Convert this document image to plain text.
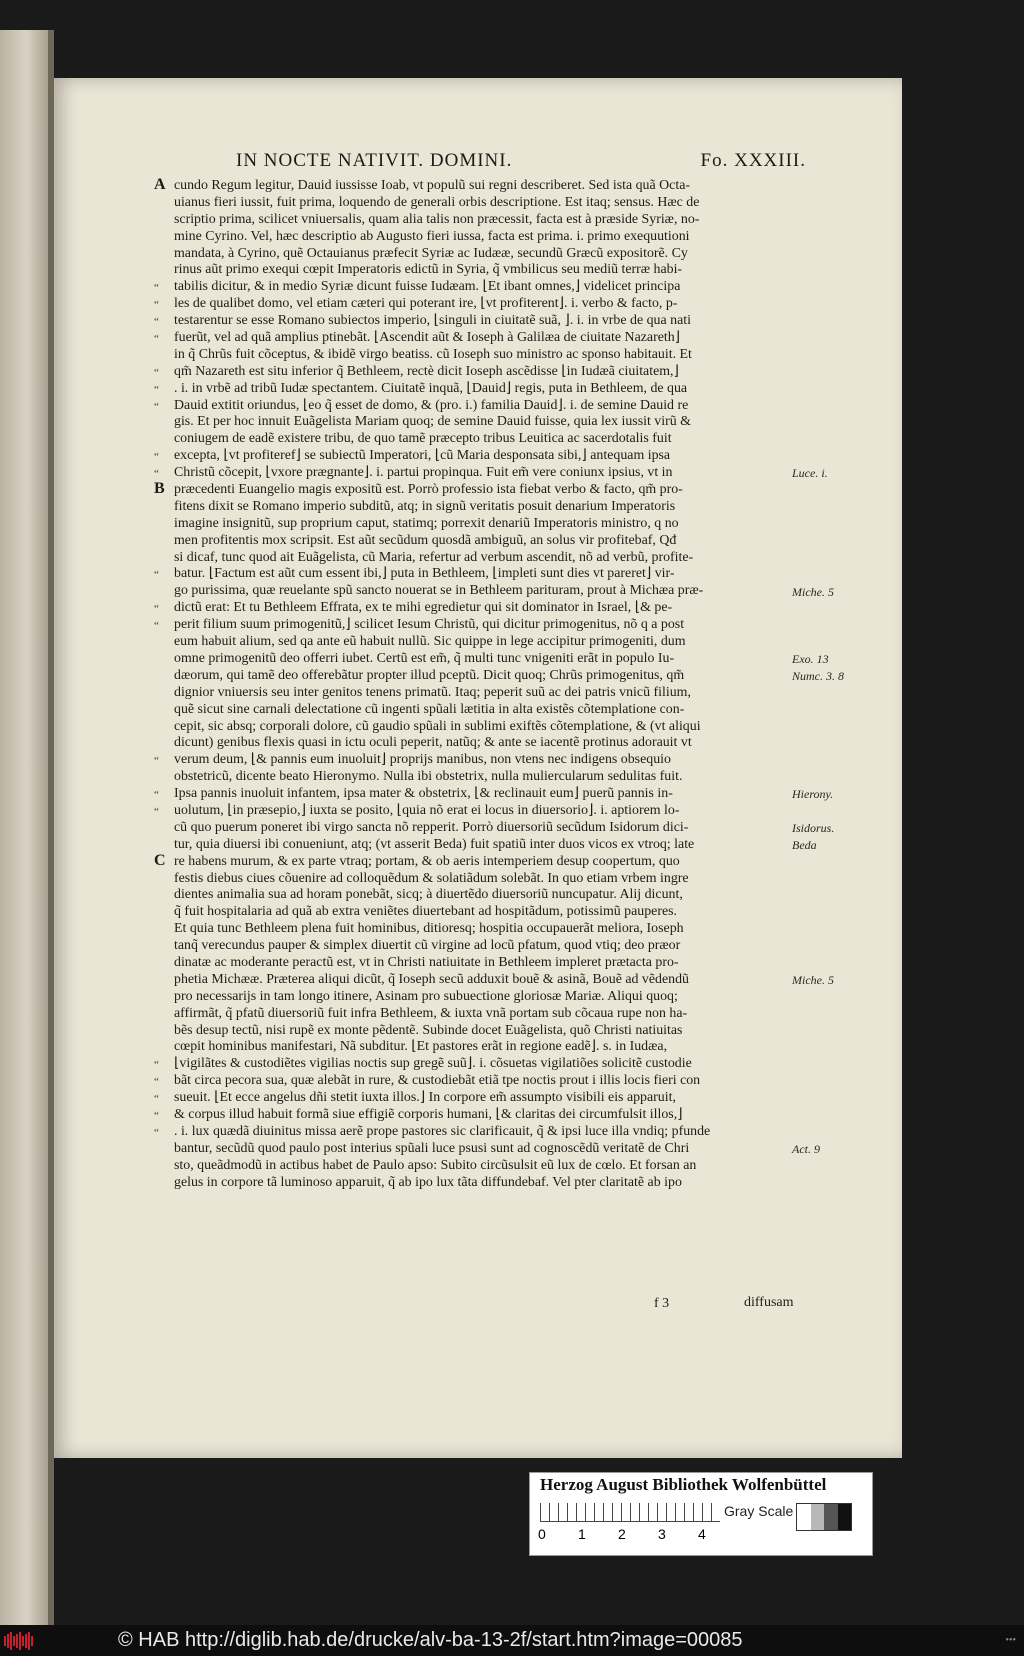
IN NOCTE NATIVIT. DOMINI.	Fo. XXXIII.
A cundo Regum legitur, Dauid iussisse Ioab, vt populũ sui regni describeret. Sed ista quã Octa-
uianus fieri iussit, fuit prima, loquendo de generali orbis descriptione. Est itaq; sensus. Hæc de
scriptio prima, scilicet vniuersalis, quam alia talis non præcessit, facta est à præside Syriæ, no-
mine Cyrino. Vel, hæc descriptio ab Augusto fieri iussa, facta est prima. i. primo exequutioni
mandata, à Cyrino, quẽ Octauianus præfecit Syriæ ac Iudææ, secundũ Græcũ expositorẽ. Cy
rinus aũt primo exequi cœpit Imperatoris edictũ in Syria, q̃ vmbilicus seu mediũ terræ habi-
“	tabilis dicitur, & in medio Syriæ dicunt fuisse Iudæam. ⌊Et ibant omnes,⌋ videlicet principa
“	les de qualibet domo, vel etiam cæteri qui poterant ire, ⌊vt profiterent⌋. i. verbo & facto, p-
“	testarentur se esse Romano subiectos imperio, ⌊singuli in ciuitatẽ suã, ⌋. i. in vrbe de qua nati
“	fuerũt, vel ad quã amplius ptinebãt. ⌊Ascendit aũt & Ioseph à Galilæa de ciuitate Nazareth⌋
in q̃ Chrũs fuit cõceptus, & ibidẽ virgo beatiss. cũ Ioseph suo ministro ac sponso habitauit. Et
“	qm̃ Nazareth est situ inferior q̃ Bethleem, rectè dicit Ioseph ascẽdisse ⌊in Iudæã ciuitatem,⌋
“	. i. in vrbẽ ad tribũ Iudæ spectantem. Ciuitatẽ inquã, ⌊Dauid⌋ regis, puta in Bethleem, de qua
“	Dauid extitit oriundus, ⌊eo q̃ esset de domo, & (pro. i.) familia Dauid⌋. i. de semine Dauid re
gis. Et per hoc innuit Euãgelista Mariam quoq; de semine Dauid fuisse, quia lex iussit virũ &
coniugem de eadẽ existere tribu, de quo tamẽ præcepto tribus Leuitica ac sacerdotalis fuit
“	excepta, ⌊vt profiteref⌋ se subiectũ Imperatori, ⌊cũ Maria desponsata sibi,⌋ antequam ipsa
“	Christũ cõcepit, ⌊vxore prægnante⌋. i. partui propinqua. Fuit em̃ vere coniunx ipsius, vt in
B præcedenti Euangelio magis expositũ est. Porrò professio ista fiebat verbo & facto, qm̃ pro-
fitens dixit se Romano imperio subditũ, atq; in signũ veritatis posuit denarium Imperatoris
imagine insignitũ, sup proprium caput, statimq; porrexit denariũ Imperatoris ministro, q no
men profitentis mox scripsit. Est aũt secũdum quosdã ambiguũ, an solus vir profitebaf, Qđ
si dicaf, tunc quod ait Euãgelista, cũ Maria, refertur ad verbum ascendit, nõ ad verbũ, profite-
“	batur. ⌊Factum est aũt cum essent ibi,⌋ puta in Bethleem, ⌊impleti sunt dies vt pareret⌋ vir-
go purissima, quæ reuelante spũ sancto nouerat se in Bethleem parituram, prout à Michæa præ-
“	dictũ erat: Et tu Bethleem Effrata, ex te mihi egredietur qui sit dominator in Israel, ⌊& pe-
“	perit filium suum primogenitũ,⌋ scilicet Iesum Christũ, qui dicitur primogenitus, nõ q a post
eum habuit alium, sed qa ante eũ habuit nullũ. Sic quippe in lege accipitur primogeniti, dum
omne primogenitũ deo offerri iubet. Certũ est em̃, q̃ multi tunc vnigeniti erãt in populo Iu-
dæorum, qui tamẽ deo offerebãtur propter illud pceptũ. Dicit quoq; Chrũs primogenitus, qm̃
dignior vniuersis seu inter genitos tenens primatũ. Itaq; peperit suũ ac dei patris vnicũ filium,
quẽ sicut sine carnali delectatione cũ ingenti spũali lætitia in alta existẽs cõtemplatione con-
cepit, sic absq; corporali dolore, cũ gaudio spũali in sublimi exiftẽs cõtemplatione, & (vt aliqui
dicunt) genibus flexis quasi in ictu oculi peperit, natũq; & ante se iacentẽ protinus adorauit vt
“	verum deum, ⌊& pannis eum inuoluit⌋ proprijs manibus, non vtens nec indigens obsequio
obstetricũ, dicente beato Hieronymo. Nulla ibi obstetrix, nulla muliercularum sedulitas fuit.
“	Ipsa pannis inuoluit infantem, ipsa mater & obstetrix, ⌊& reclinauit eum⌋ puerũ pannis in-
“	uolutum, ⌊in præsepio,⌋ iuxta se posito, ⌊quia nõ erat ei locus in diuersorio⌋. i. aptiorem lo-
cũ quo puerum poneret ibi virgo sancta nõ repperit. Porrò diuersoriũ secũdum Isidorum dici-
tur, quia diuersi ibi conueniunt, atq; (vt asserit Beda) fuit spatiũ inter duos vicos ex vtroq; late
C re habens murum, & ex parte vtraq; portam, & ob aeris intemperiem desup coopertum, quo
festis diebus ciues cõuenire ad colloquẽdum & solatiãdum solebãt. In quo etiam vrbem ingre
dientes animalia sua ad horam ponebãt, sicq; à diuertẽdo diuersoriũ nuncupatur. Alij dicunt,
q̃ fuit hospitalaria ad quã ab extra veniẽtes diuertebant ad hospitãdum, potissimũ pauperes.
Et quia tunc Bethleem plena fuit hominibus, ditioresq; hospitia occupauerãt meliora, Ioseph
tanq̃ verecundus pauper & simplex diuertit cũ virgine ad locũ pfatum, quod vtiq; deo præor
dinatæ ac moderante peractũ est, vt in Christi natiuitate in Bethleem impleret prætacta pro-
phetia Michææ. Præterea aliqui dicũt, q̃ Ioseph secũ adduxit bouẽ & asinã, Bouẽ ad vẽdendũ
pro necessarijs in tam longo itinere, Asinam pro subuectione gloriosæ Mariæ. Aliqui quoq;
affirmãt, q̃ pfatũ diuersoriũ fuit infra Bethleem, & iuxta vnã portam sub cõcaua rupe non ha-
bẽs desup tectũ, nisi rupẽ ex monte pẽdentẽ. Subinde docet Euãgelista, quõ Christi natiuitas
cœpit hominibus manifestari, Nã subditur. ⌊Et pastores erãt in regione eadẽ⌋. s. in Iudæa,
“	⌊vigilãtes & custodiẽtes vigilias noctis sup gregẽ suũ⌋. i. cõsuetas vigilatiões solicitẽ custodie
“	bãt circa pecora sua, quæ alebãt in rure, & custodiebãt etiã tpe noctis prout i illis locis fieri con
“	sueuit. ⌊Et ecce angelus dñi stetit iuxta illos.⌋ In corpore em̃ assumpto visibili eis apparuit,
“	& corpus illud habuit formã siue effigiẽ corporis humani, ⌊& claritas dei circumfulsit illos,⌋
“	. i. lux quædã diuinitus missa aerẽ prope pastores sic clarificauit, q̃ & ipsi luce illa vndiq; pfunde
bantur, secũdũ quod paulo post interius spũali luce psusi sunt ad cognoscẽdũ veritatẽ de Chri
sto, queãdmodũ in actibus habet de Paulo apso: Subito circũsulsit eũ lux de cœlo. Et forsan an
gelus in corpore tã luminoso apparuit, q̃ ab ipo lux tãta diffundebaf. Vel pter claritatẽ ab ipo
Luce. i.
Miche. 5
Exo. 13
Numc. 3. 8
Hierony.
Isidorus.
Beda
Miche. 5
Act. 9
f 3	diffusam
Herzog August Bibliothek Wolfenbüttel
0 1 2 3 4
Gray Scale
© HAB http://diglib.hab.de/drucke/alv-ba-13-2f/start.htm?image=00085	•••
